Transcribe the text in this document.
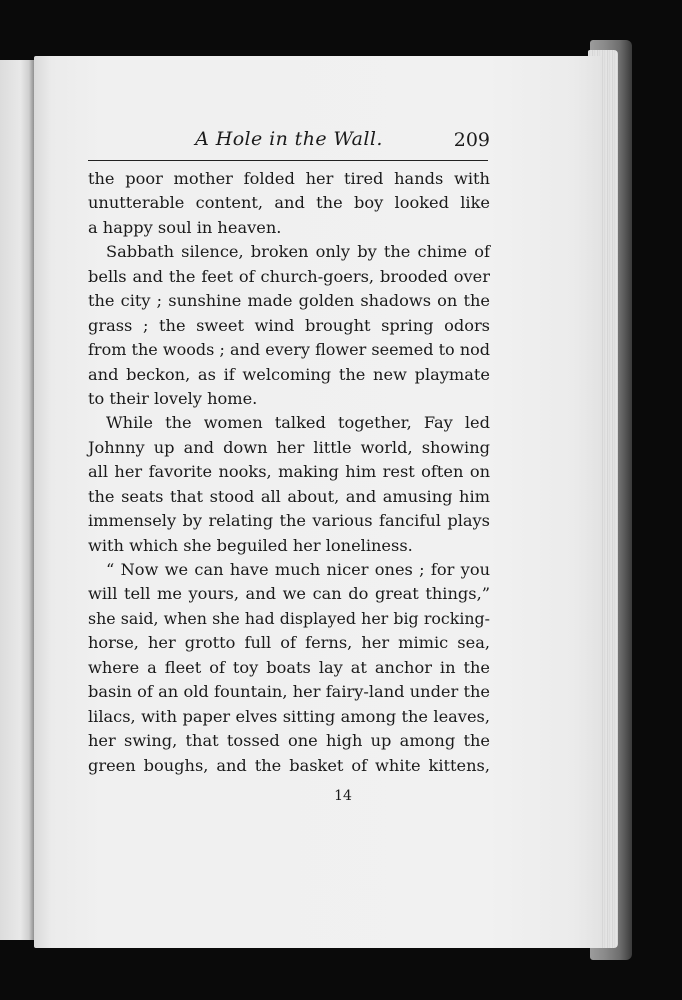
A Hole in the Wall.	209
the poor mother folded her tired hands with
unutterable content, and the boy looked like
a happy soul in heaven.
Sabbath silence, broken only by the chime of
bells and the feet of church-goers, brooded over
the city ; sunshine made golden shadows on the
grass ; the sweet wind brought spring odors
from the woods ; and every flower seemed to nod
and beckon, as if welcoming the new playmate
to their lovely home.
While the women talked together, Fay led
Johnny up and down her little world, showing
all her favorite nooks, making him rest often on
the seats that stood all about, and amusing him
immensely by relating the various fanciful plays
with which she beguiled her loneliness.
“ Now we can have much nicer ones ; for you
will tell me yours, and we can do great things,”
she said, when she had displayed her big rocking-
horse, her grotto full of ferns, her mimic sea,
where a fleet of toy boats lay at anchor in the
basin of an old fountain, her fairy-land under the
lilacs, with paper elves sitting among the leaves,
her swing, that tossed one high up among the
green boughs, and the basket of white kittens,
14
